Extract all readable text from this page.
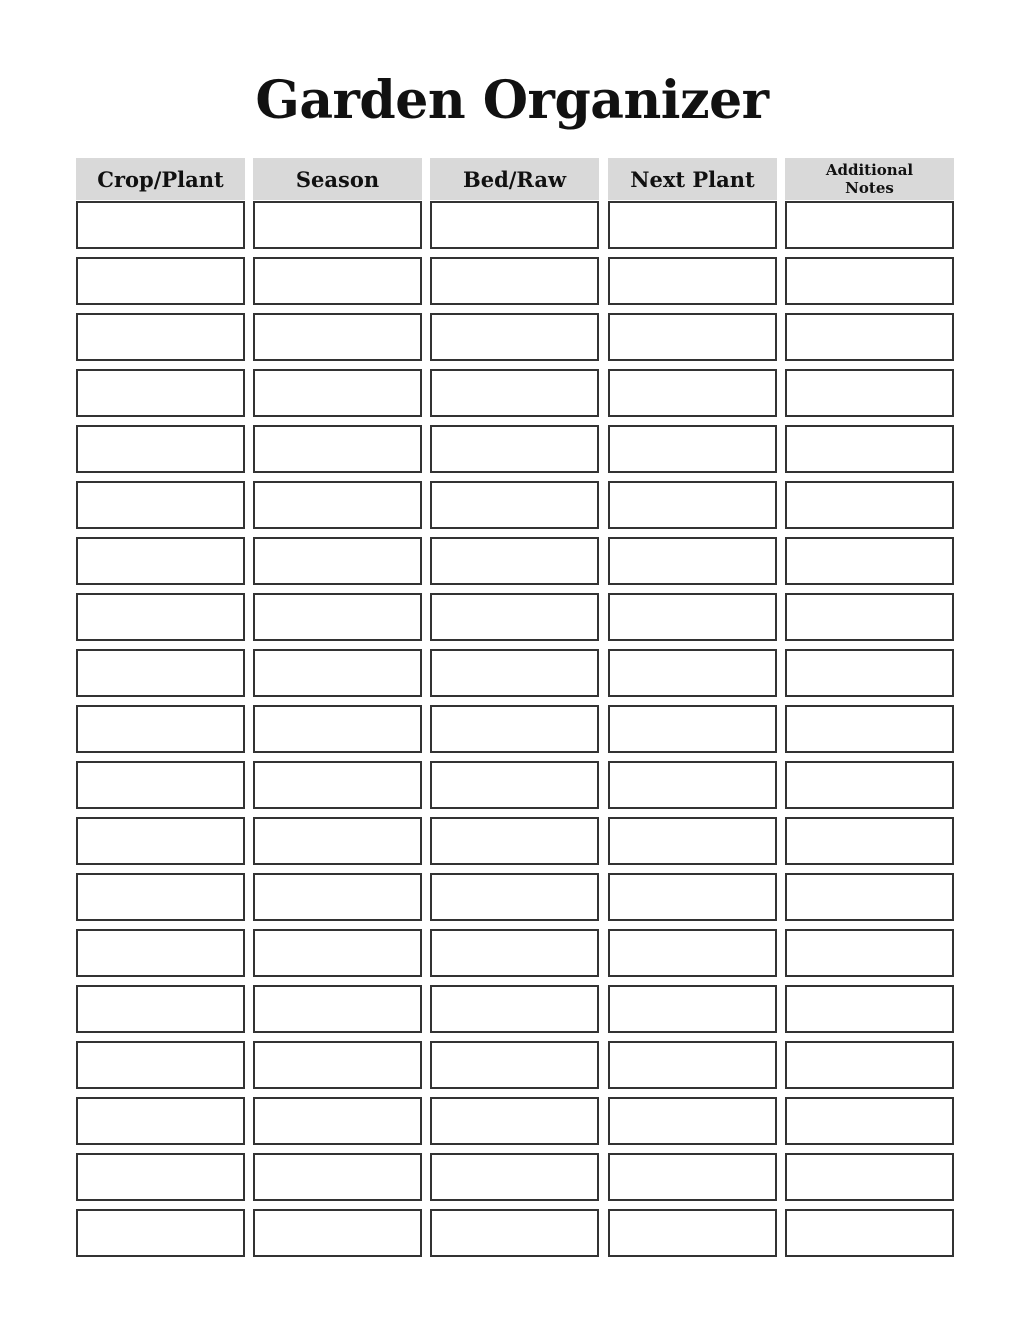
Garden Organizer
Crop/Plant	Season	Bed/Raw	Next Plant	Additional
Notes
